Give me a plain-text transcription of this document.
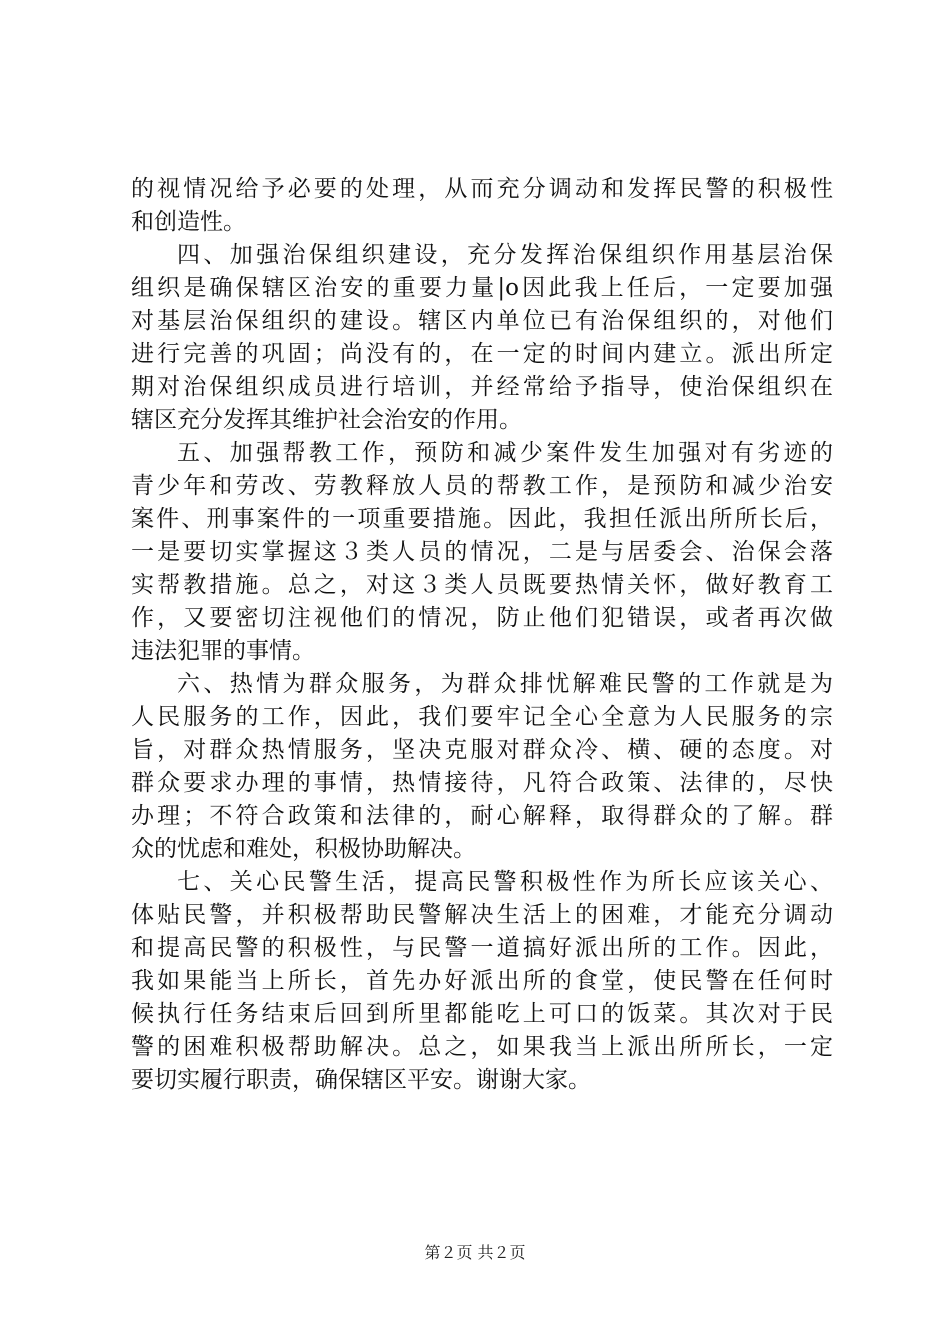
的视情况给予必要的处理，从而充分调动和发挥民警的积极性
和创造性。
四、加强治保组织建设，充分发挥治保组织作用基层治保
组织是确保辖区治安的重要力量|o因此我上任后，一定要加强
对基层治保组织的建设。辖区内单位已有治保组织的，对他们
进行完善的巩固；尚没有的，在一定的时间内建立。派出所定
期对治保组织成员进行培训，并经常给予指导，使治保组织在
辖区充分发挥其维护社会治安的作用。
五、加强帮教工作，预防和减少案件发生加强对有劣迹的
青少年和劳改、劳教释放人员的帮教工作，是预防和减少治安
案件、刑事案件的一项重要措施。因此，我担任派出所所长后，
一是要切实掌握这３类人员的情况，二是与居委会、治保会落
实帮教措施。总之，对这３类人员既要热情关怀，做好教育工
作，又要密切注视他们的情况，防止他们犯错误，或者再次做
违法犯罪的事情。
六、热情为群众服务，为群众排忧解难民警的工作就是为
人民服务的工作，因此，我们要牢记全心全意为人民服务的宗
旨，对群众热情服务，坚决克服对群众冷、横、硬的态度。对
群众要求办理的事情，热情接待，凡符合政策、法律的，尽快
办理；不符合政策和法律的，耐心解释，取得群众的了解。群
众的忧虑和难处，积极协助解决。
七、关心民警生活，提高民警积极性作为所长应该关心、
体贴民警，并积极帮助民警解决生活上的困难，才能充分调动
和提高民警的积极性，与民警一道搞好派出所的工作。因此，
我如果能当上所长，首先办好派出所的食堂，使民警在任何时
候执行任务结束后回到所里都能吃上可口的饭菜。其次对于民
警的困难积极帮助解决。总之，如果我当上派出所所长，一定
要切实履行职责，确保辖区平安。谢谢大家。
第２页 共２页
